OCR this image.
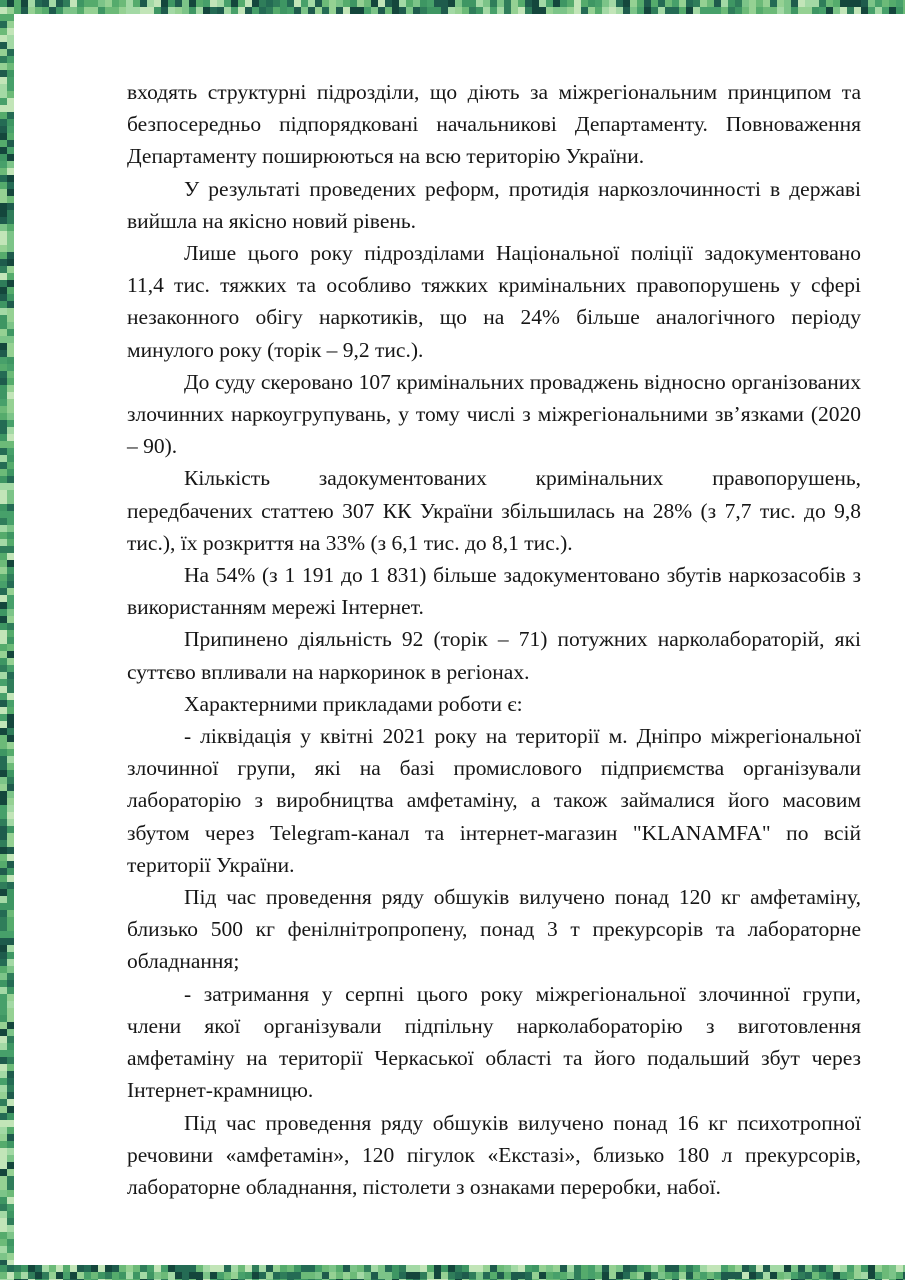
входять структурні підрозділи, що діють за міжрегіональним принципом та безпосередньо підпорядковані начальникові Департаменту. Повноваження Департаменту поширюються на всю територію України.

У результаті проведених реформ, протидія наркозлочинності в державі вийшла на якісно новий рівень.

Лише цього року підрозділами Національної поліції задокументовано 11,4 тис. тяжких та особливо тяжких кримінальних правопорушень у сфері незаконного обігу наркотиків, що на 24% більше аналогічного періоду минулого року (торік – 9,2 тис.).

До суду скеровано 107 кримінальних проваджень відносно організованих злочинних наркоугрупувань, у тому числі з міжрегіональними зв’язками (2020 – 90).

Кількість задокументованих кримінальних правопорушень, передбачених статтею 307 КК України збільшилась на 28% (з 7,7 тис. до 9,8 тис.), їх розкриття на 33% (з 6,1 тис. до 8,1 тис.).

На 54% (з 1 191 до 1 831) більше задокументовано збутів наркозасобів з використанням мережі Інтернет.

Припинено діяльність 92 (торік – 71) потужних нарколабораторій, які суттєво впливали на наркоринок в регіонах.

Характерними прикладами роботи є:

- ліквідація у квітні 2021 року на території м. Дніпро міжрегіональної злочинної групи, які на базі промислового підприємства організували лабораторію з виробництва амфетаміну, а також займалися його масовим збутом через Telegram-канал та інтернет-магазин "KLANAMFA" по всій території України.

Під час проведення ряду обшуків вилучено понад 120 кг амфетаміну, близько 500 кг фенілнітропропену, понад 3 т прекурсорів та лабораторне обладнання;

- затримання у серпні цього року міжрегіональної злочинної групи, члени якої організували підпільну нарколабораторію з виготовлення амфетаміну на території Черкаської області та його подальший збут через Інтернет-крамницю.

Під час проведення ряду обшуків вилучено понад 16 кг психотропної речовини «амфетамін», 120 пігулок «Екстазі», близько 180 л прекурсорів, лабораторне обладнання, пістолети з ознаками переробки, набої.
